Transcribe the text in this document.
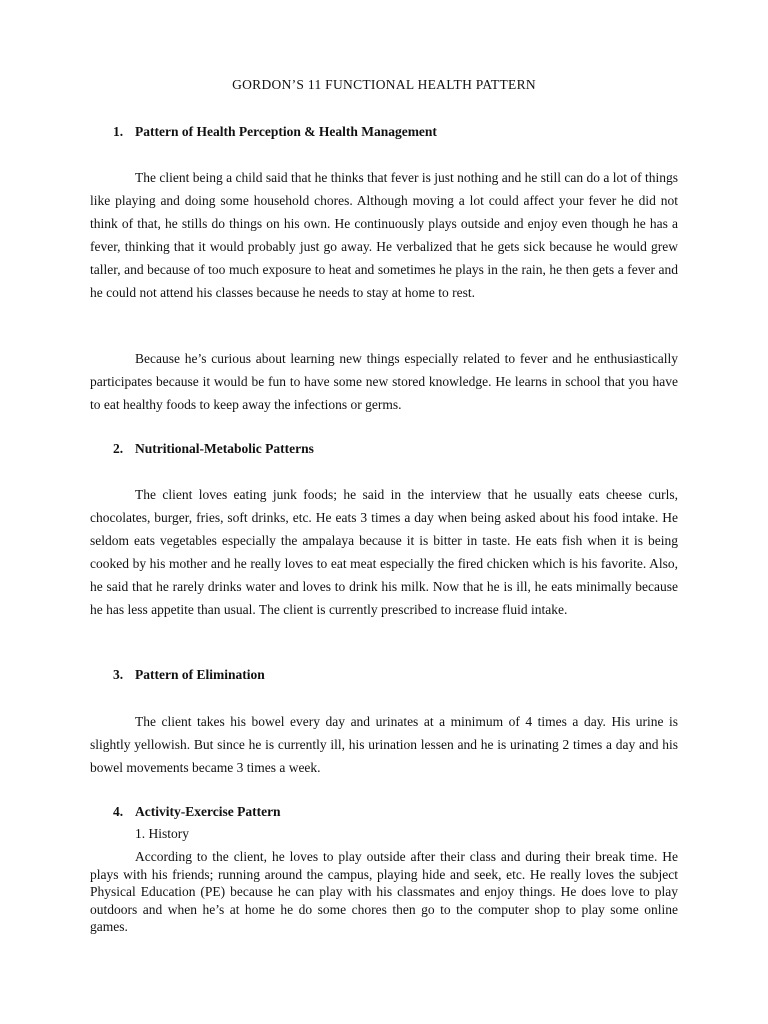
GORDON’S 11 FUNCTIONAL HEALTH PATTERN
1. Pattern of Health Perception & Health Management

The client being a child said that he thinks that fever is just nothing and he still can do a lot of things like playing and doing some household chores. Although moving a lot could affect your fever he did not think of that, he stills do things on his own. He continuously plays outside and enjoy even though he has a fever, thinking that it would probably just go away. He verbalized that he gets sick because he would grew taller, and because of too much exposure to heat and sometimes he plays in the rain, he then gets a fever and he could not attend his classes because he needs to stay at home to rest.

Because he’s curious about learning new things especially related to fever and he enthusiastically participates because it would be fun to have some new stored knowledge. He learns in school that you have to eat healthy foods to keep away the infections or germs.

2. Nutritional-Metabolic Patterns

The client loves eating junk foods; he said in the interview that he usually eats cheese curls, chocolates, burger, fries, soft drinks, etc. He eats 3 times a day when being asked about his food intake. He seldom eats vegetables especially the ampalaya because it is bitter in taste. He eats fish when it is being cooked by his mother and he really loves to eat meat especially the fired chicken which is his favorite. Also, he said that he rarely drinks water and loves to drink his milk. Now that he is ill, he eats minimally because he has less appetite than usual. The client is currently prescribed to increase fluid intake.

3. Pattern of Elimination

The client takes his bowel every day and urinates at a minimum of 4 times a day. His urine is slightly yellowish. But since he is currently ill, his urination lessen and he is urinating 2 times a day and his bowel movements became 3 times a week.

4. Activity-Exercise Pattern
1. History

According to the client, he loves to play outside after their class and during their break time. He plays with his friends; running around the campus, playing hide and seek, etc. He really loves the subject Physical Education (PE) because he can play with his classmates and enjoy things. He does love to play outdoors and when he’s at home he do some chores then go to the computer shop to play some online games.
